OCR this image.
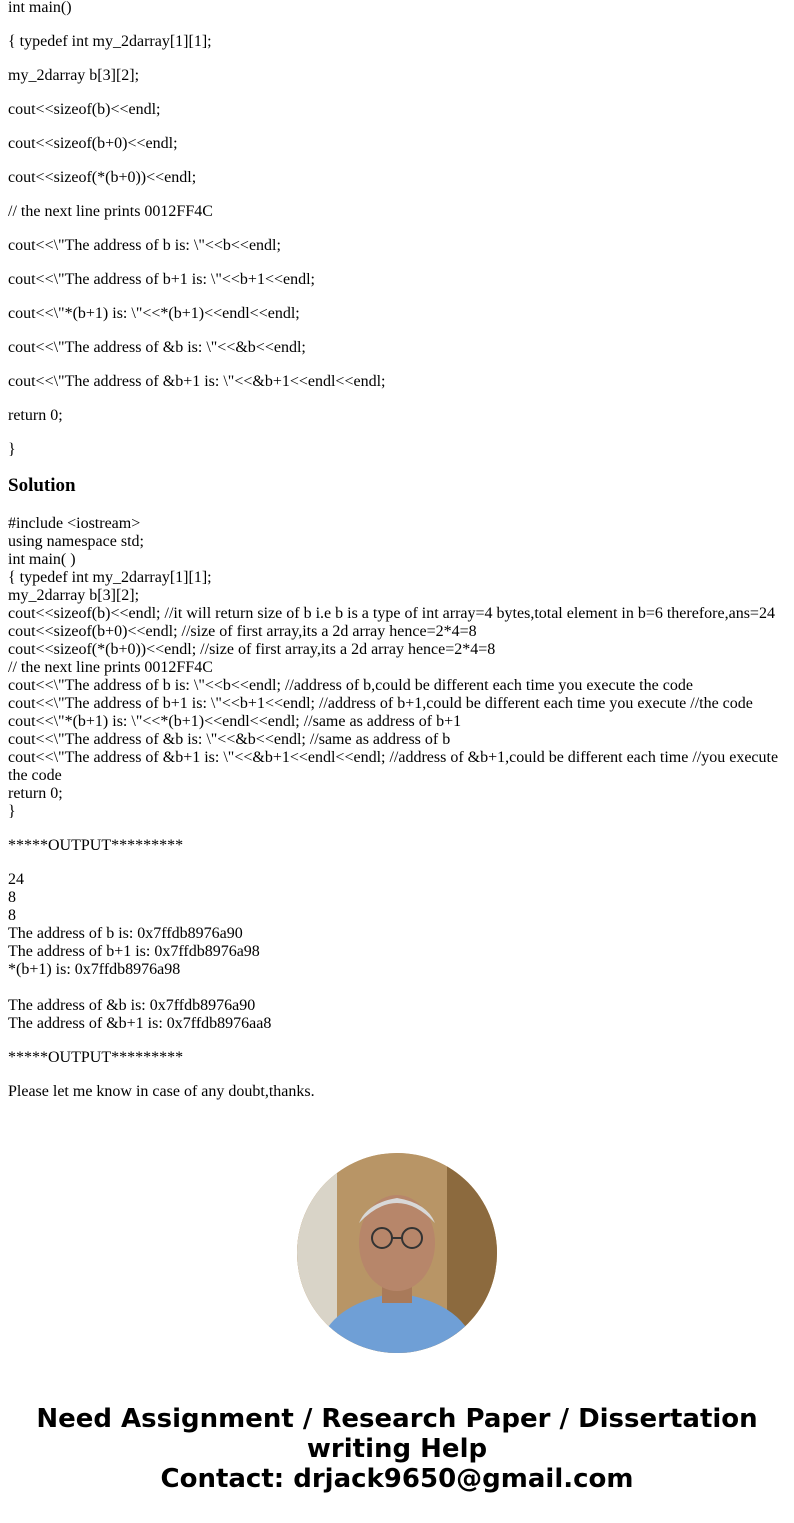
int main()

{ typedef int my_2darray[1][1];

my_2darray b[3][2];

cout<<sizeof(b)<<endl;

cout<<sizeof(b+0)<<endl;

cout<<sizeof(*(b+0))<<endl;

// the next line prints 0012FF4C

cout<<\"The address of b is: \"<<b<<endl;

cout<<\"The address of b+1 is: \"<<b+1<<endl;

cout<<\"*(b+1) is: \"<<*(b+1)<<endl<<endl;

cout<<\"The address of &b is: \"<<&b<<endl;

cout<<\"The address of &b+1 is: \"<<&b+1<<endl<<endl;

return 0;

}

Solution

#include <iostream>
using namespace std;
int main( )
{ typedef int my_2darray[1][1];
my_2darray b[3][2];
cout<<sizeof(b)<<endl; //it will return size of b i.e b is a type of int array=4 bytes,total element in b=6 therefore,ans=24
cout<<sizeof(b+0)<<endl; //size of first array,its a 2d array hence=2*4=8
cout<<sizeof(*(b+0))<<endl; //size of first array,its a 2d array hence=2*4=8
// the next line prints 0012FF4C
cout<<\"The address of b is: \"<<b<<endl; //address of b,could be different each time you execute the code
cout<<\"The address of b+1 is: \"<<b+1<<endl; //address of b+1,could be different each time you execute //the code
cout<<\"*(b+1) is: \"<<*(b+1)<<endl<<endl; //same as address of b+1
cout<<\"The address of &b is: \"<<&b<<endl; //same as address of b
cout<<\"The address of &b+1 is: \"<<&b+1<<endl<<endl; //address of &b+1,could be different each time //you execute the code
return 0;
}

*****OUTPUT*********

24
8
8
The address of b is: 0x7ffdb8976a90
The address of b+1 is: 0x7ffdb8976a98
*(b+1) is: 0x7ffdb8976a98

The address of &b is: 0x7ffdb8976a90
The address of &b+1 is: 0x7ffdb8976aa8

*****OUTPUT*********

Please let me know in case of any doubt,thanks.

Need Assignment / Research Paper / Dissertation writing Help
Contact: drjack9650@gmail.com
